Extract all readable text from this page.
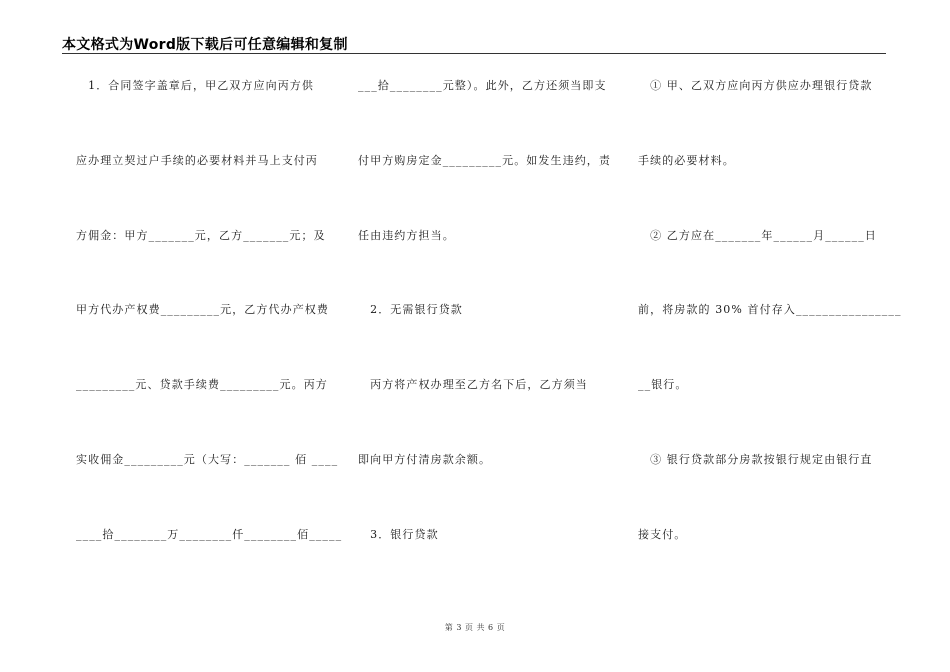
本文格式为Word版下载后可任意编辑和复制
　1．合同签字盖章后，甲乙双方应向丙方供
应办理立契过户手续的必要材料并马上支付丙
方佣金：甲方_______元，乙方_______元；及
甲方代办产权费_________元，乙方代办产权费
_________元、贷款手续费_________元。丙方
实收佣金_________元（大写：_______ 佰 ____
____拾________万________仟________佰_____
___拾________元整）。此外，乙方还须当即支
付甲方购房定金_________元。如发生违约，责
任由违约方担当。
　2．无需银行贷款
　丙方将产权办理至乙方名下后，乙方须当
即向甲方付清房款余额。
　3．银行贷款
　① 甲、乙双方应向丙方供应办理银行贷款
手续的必要材料。
　② 乙方应在_______年______月______日
前，将房款的 30% 首付存入________________
__银行。
　③ 银行贷款部分房款按银行规定由银行直
接支付。
第 3 页 共 6 页
